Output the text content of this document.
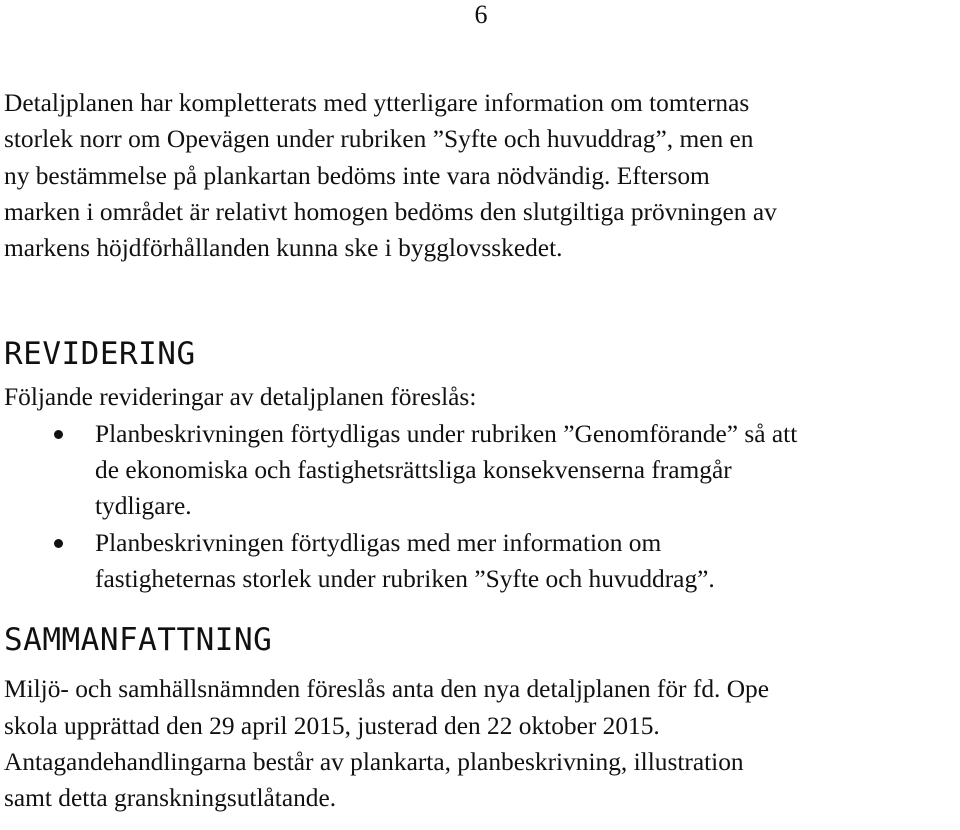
6
Detaljplanen har kompletterats med ytterligare information om tomternas
storlek norr om Opevägen under rubriken ”Syfte och huvuddrag”, men en
ny bestämmelse på plankartan bedöms inte vara nödvändig. Eftersom
marken i området är relativt homogen bedöms den slutgiltiga prövningen av
markens höjdförhållanden kunna ske i bygglovsskedet.
REVIDERING
Följande revideringar av detaljplanen föreslås:
Planbeskrivningen förtydligas under rubriken ”Genomförande” så att
de ekonomiska och fastighetsrättsliga konsekvenserna framgår
tydligare.
Planbeskrivningen förtydligas med mer information om
fastigheternas storlek under rubriken ”Syfte och huvuddrag”.
SAMMANFATTNING
Miljö- och samhällsnämnden föreslås anta den nya detaljplanen för fd. Ope
skola upprättad den 29 april 2015, justerad den 22 oktober 2015.
Antagandehandlingarna består av plankarta, planbeskrivning, illustration
samt detta granskningsutlåtande.
